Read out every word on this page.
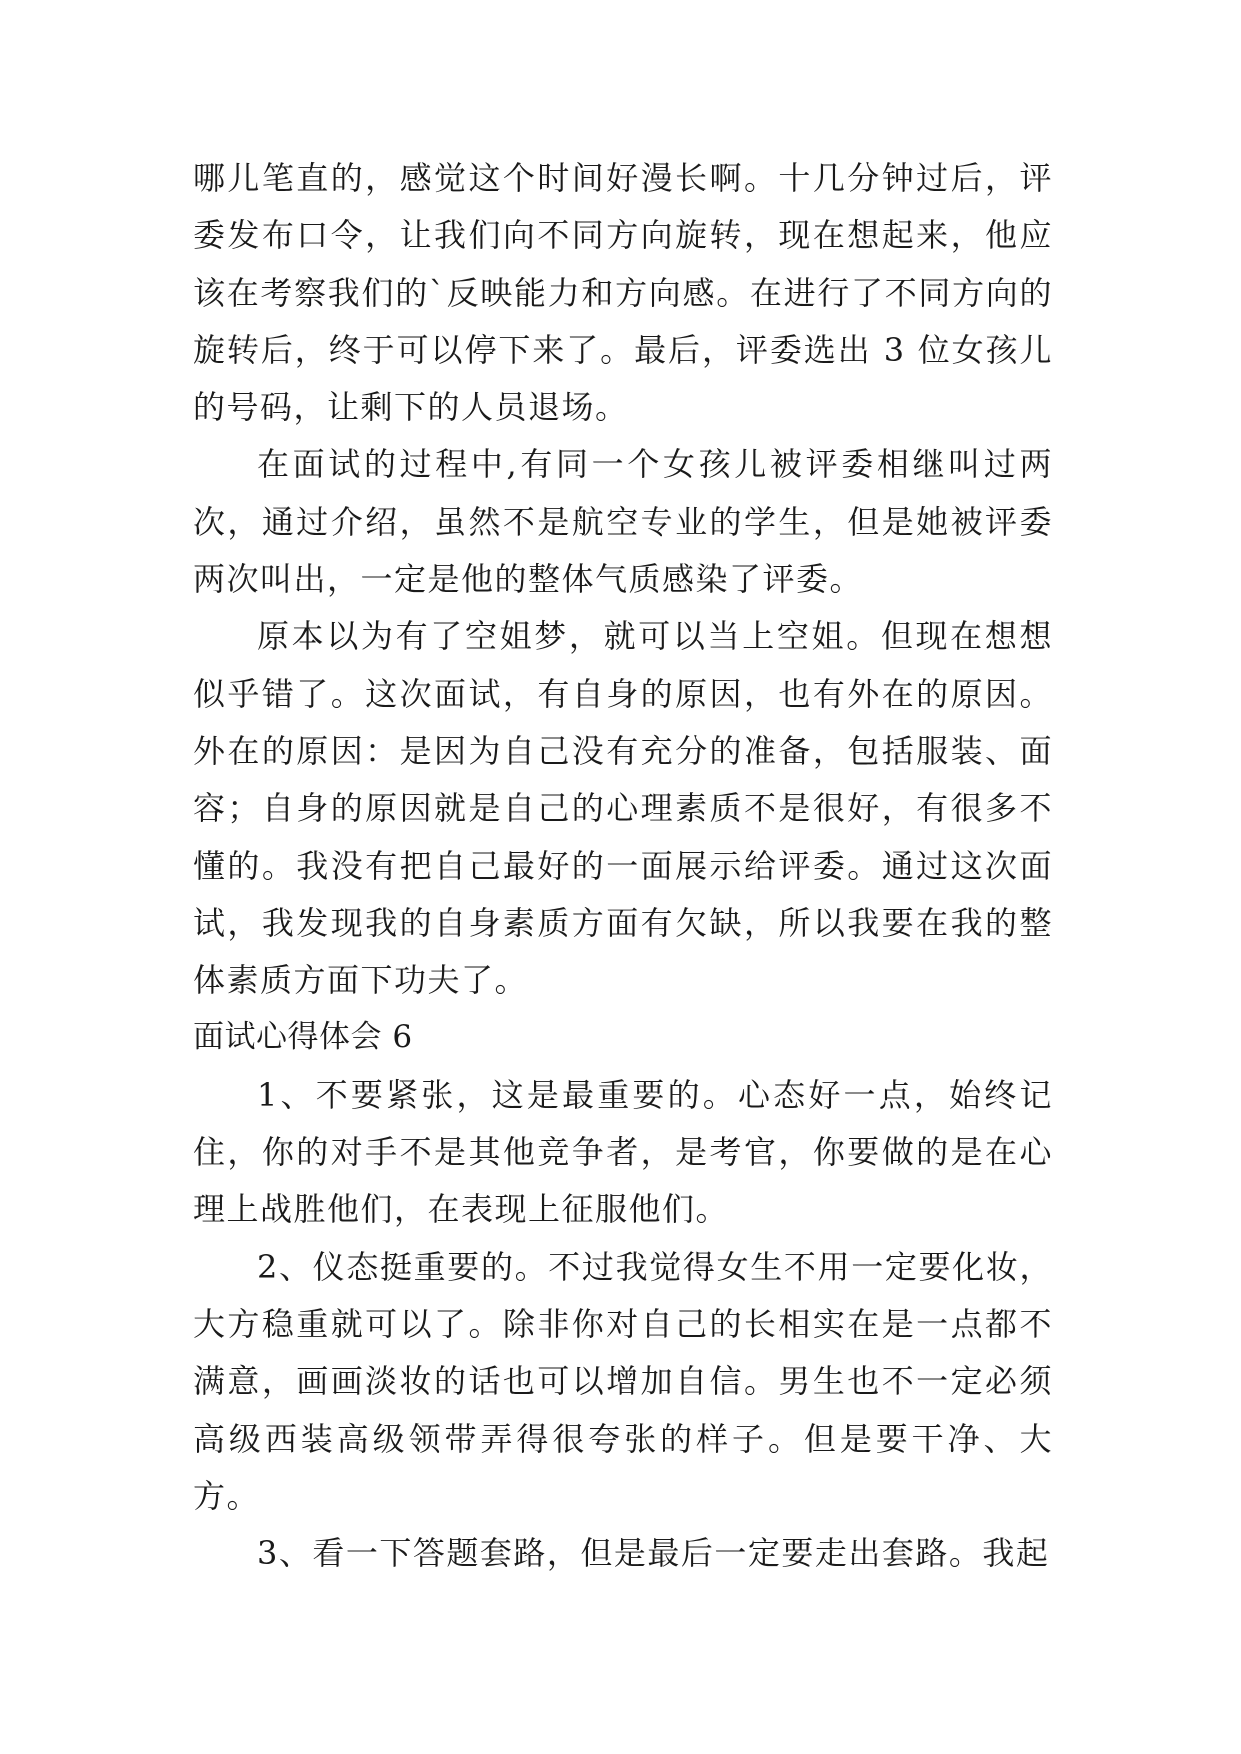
哪儿笔直的，感觉这个时间好漫长啊。十几分钟过后，评委发布口令，让我们向不同方向旋转，现在想起来，他应该在考察我们的`反映能力和方向感。在进行了不同方向的旋转后，终于可以停下来了。最后，评委选出 3 位女孩儿的号码，让剩下的人员退场。

在面试的过程中,有同一个女孩儿被评委相继叫过两次，通过介绍，虽然不是航空专业的学生，但是她被评委两次叫出，一定是他的整体气质感染了评委。

原本以为有了空姐梦，就可以当上空姐。但现在想想似乎错了。这次面试，有自身的原因，也有外在的原因。外在的原因：是因为自己没有充分的准备，包括服装、面容；自身的原因就是自己的心理素质不是很好，有很多不懂的。我没有把自己最好的一面展示给评委。通过这次面试，我发现我的自身素质方面有欠缺，所以我要在我的整体素质方面下功夫了。

面试心得体会 6

1、不要紧张，这是最重要的。心态好一点，始终记住，你的对手不是其他竞争者，是考官，你要做的是在心理上战胜他们，在表现上征服他们。

2、仪态挺重要的。不过我觉得女生不用一定要化妆，大方稳重就可以了。除非你对自己的长相实在是一点都不满意，画画淡妆的话也可以增加自信。男生也不一定必须高级西装高级领带弄得很夸张的样子。但是要干净、大方。

3、看一下答题套路，但是最后一定要走出套路。我起
